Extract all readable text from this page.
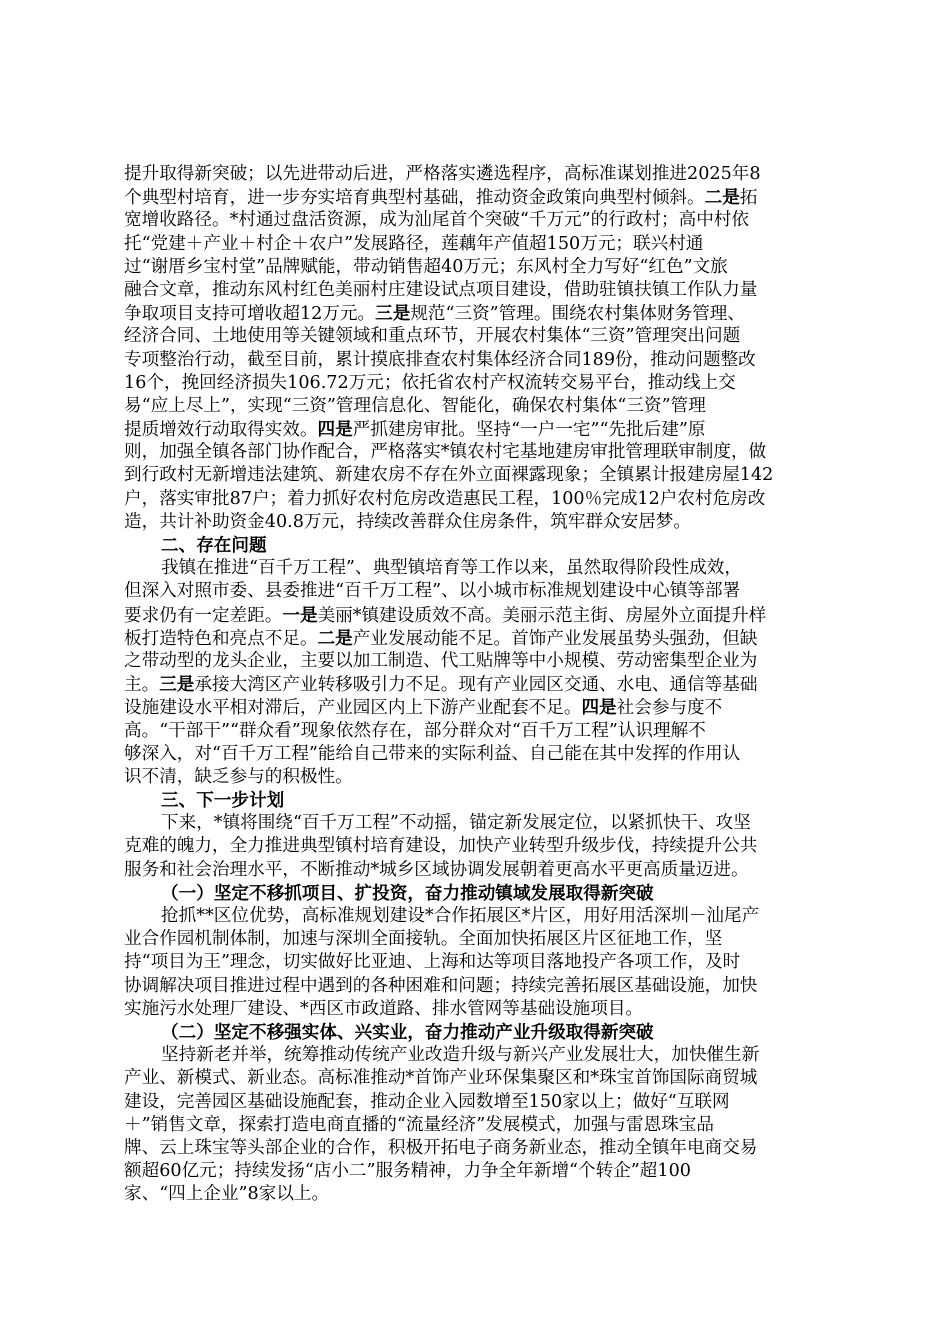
提升取得新突破；以先进带动后进，严格落实遴选程序，高标准谋划推进2025年8
个典型村培育，进一步夯实培育典型村基础，推动资金政策向典型村倾斜。二是拓
宽增收路径。*村通过盘活资源，成为汕尾首个突破“千万元”的行政村；高中村依
托“党建＋产业＋村企＋农户”发展路径，莲藕年产值超150万元；联兴村通
过“谢厝乡宝村堂”品牌赋能，带动销售超40万元；东风村全力写好“红色”文旅
融合文章，推动东风村红色美丽村庄建设试点项目建设，借助驻镇扶镇工作队力量
争取项目支持可增收超12万元。三是规范“三资”管理。围绕农村集体财务管理、
经济合同、土地使用等关键领域和重点环节，开展农村集体“三资”管理突出问题
专项整治行动，截至目前，累计摸底排查农村集体经济合同189份，推动问题整改
16个，挽回经济损失106.72万元；依托省农村产权流转交易平台，推动线上交
易“应上尽上”，实现“三资”管理信息化、智能化，确保农村集体“三资”管理
提质增效行动取得实效。四是严抓建房审批。坚持“一户一宅”“先批后建”原
则，加强全镇各部门协作配合，严格落实*镇农村宅基地建房审批管理联审制度，做
到行政村无新增违法建筑、新建农房不存在外立面裸露现象；全镇累计报建房屋142
户，落实审批87户；着力抓好农村危房改造惠民工程，100％完成12户农村危房改
造，共计补助资金40.8万元，持续改善群众住房条件，筑牢群众安居梦。
二、存在问题
我镇在推进“百千万工程”、典型镇培育等工作以来，虽然取得阶段性成效，
但深入对照市委、县委推进“百千万工程”、以小城市标准规划建设中心镇等部署
要求仍有一定差距。一是美丽*镇建设质效不高。美丽示范主街、房屋外立面提升样
板打造特色和亮点不足。二是产业发展动能不足。首饰产业发展虽势头强劲，但缺
之带动型的龙头企业，主要以加工制造、代工贴牌等中小规模、劳动密集型企业为
主。三是承接大湾区产业转移吸引力不足。现有产业园区交通、水电、通信等基础
设施建设水平相对滞后，产业园区内上下游产业配套不足。四是社会参与度不
高。“干部干”“群众看”现象依然存在，部分群众对“百千万工程”认识理解不
够深入，对“百千万工程”能给自己带来的实际利益、自己能在其中发挥的作用认
识不清，缺乏参与的积极性。
三、下一步计划
下来，*镇将围绕“百千万工程”不动摇，锚定新发展定位，以紧抓快干、攻坚
克难的魄力，全力推进典型镇村培育建设，加快产业转型升级步伐，持续提升公共
服务和社会治理水平，不断推动*城乡区域协调发展朝着更高水平更高质量迈进。
（一）坚定不移抓项目、扩投资，奋力推动镇域发展取得新突破
抢抓**区位优势，高标准规划建设*合作拓展区*片区，用好用活深圳－汕尾产
业合作园机制体制，加速与深圳全面接轨。全面加快拓展区片区征地工作，坚
持“项目为王”理念，切实做好比亚迪、上海和达等项目落地投产各项工作，及时
协调解决项目推进过程中遇到的各种困难和问题；持续完善拓展区基础设施，加快
实施污水处理厂建设、*西区市政道路、排水管网等基础设施项目。
（二）坚定不移强实体、兴实业，奋力推动产业升级取得新突破
坚持新老并举，统筹推动传统产业改造升级与新兴产业发展壮大，加快催生新
产业、新模式、新业态。高标准推动*首饰产业环保集聚区和*珠宝首饰国际商贸城
建设，完善园区基础设施配套，推动企业入园数增至150家以上；做好“互联网
＋”销售文章，探索打造电商直播的“流量经济”发展模式，加强与雷恩珠宝品
牌、云上珠宝等头部企业的合作，积极开拓电子商务新业态，推动全镇年电商交易
额超60亿元；持续发扬“店小二”服务精神，力争全年新增“个转企”超100
家、“四上企业”8家以上。
